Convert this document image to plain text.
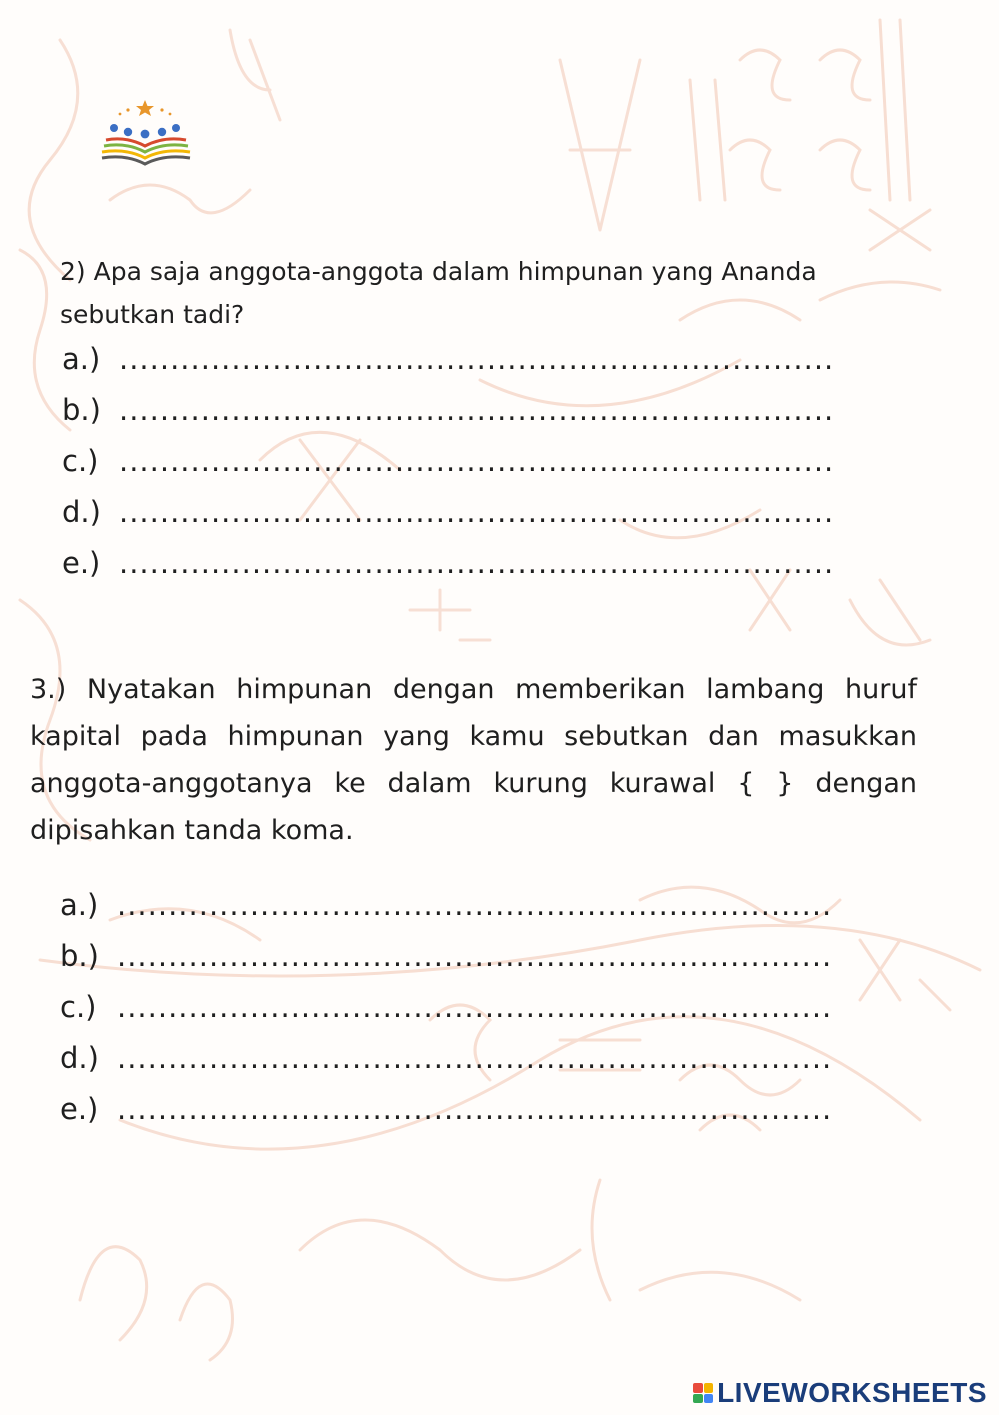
2) Apa saja anggota-anggota dalam himpunan yang Ananda sebutkan tadi?
a.) ......................................................................
b.) ......................................................................
c.) ......................................................................
d.) ......................................................................
e.) ......................................................................
3.) Nyatakan himpunan dengan memberikan lambang huruf kapital pada himpunan yang kamu sebutkan dan masukkan anggota-anggotanya ke dalam kurung kurawal { } dengan dipisahkan tanda koma.
a.) ......................................................................
b.) ......................................................................
c.) ......................................................................
d.) ......................................................................
e.) ......................................................................
LIVEWORKSHEETS
